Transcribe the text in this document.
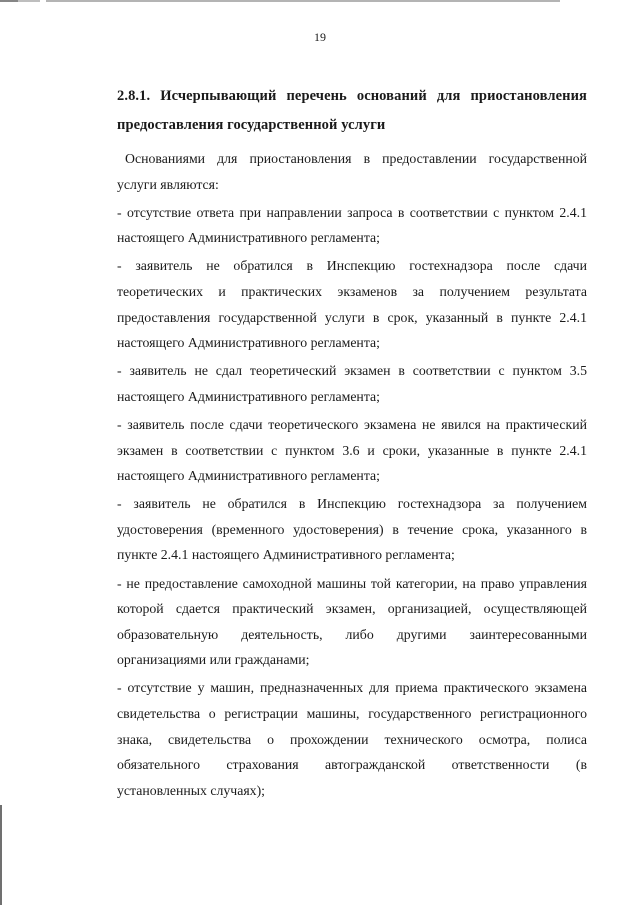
19

2.8.1. Исчерпывающий перечень оснований для приостановления предоставления государственной услуги

Основаниями для приостановления в предоставлении государственной услуги являются:

- отсутствие ответа при направлении запроса в соответствии с пунктом 2.4.1 настоящего Административного регламента;

- заявитель не обратился в Инспекцию гостехнадзора после сдачи теоретических и практических экзаменов за получением результата предоставления государственной услуги в срок, указанный в пункте 2.4.1 настоящего Административного регламента;

- заявитель не сдал теоретический экзамен в соответствии с пунктом 3.5 настоящего Административного регламента;

- заявитель после сдачи теоретического экзамена не явился на практический экзамен в соответствии с пунктом 3.6 и сроки, указанные в пункте 2.4.1 настоящего Административного регламента;

- заявитель не обратился в Инспекцию гостехнадзора за получением удостоверения (временного удостоверения) в течение срока, указанного в пункте 2.4.1 настоящего Административного регламента;

- не предоставление самоходной машины той категории, на право управления которой сдается практический экзамен, организацией, осуществляющей образовательную деятельность, либо другими заинтересованными организациями или гражданами;

- отсутствие у машин, предназначенных для приема практического экзамена свидетельства о регистрации машины, государственного регистрационного знака, свидетельства о прохождении технического осмотра, полиса обязательного страхования автогражданской ответственности (в установленных случаях);
